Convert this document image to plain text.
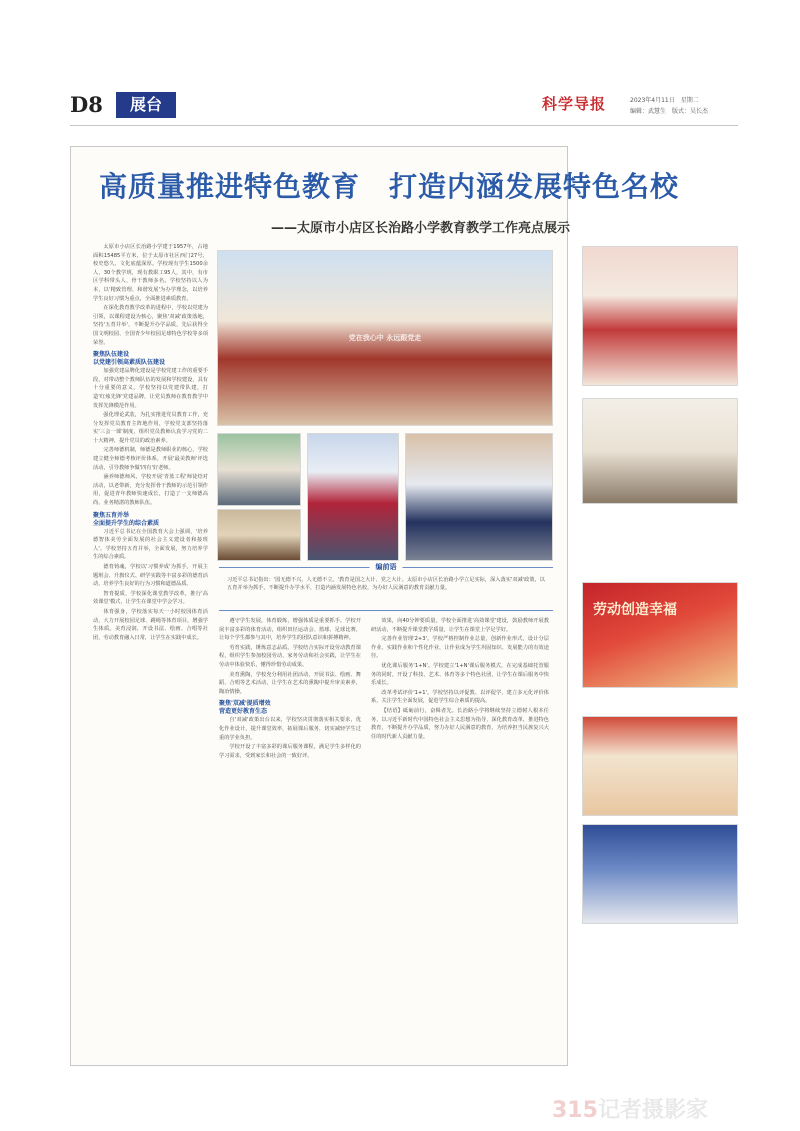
D8	展台	科学导报	2023年4月11日　星期二
编辑：武慧生　版式：吴长杰
高质量推进特色教育　打造内涵发展特色名校
——太原市小店区长治路小学教育教学工作亮点展示

太原市小店区长治路小学建于1957年，占地面积15485平方米，位于太原市社区西门27号，校史悠久，文化底蕴深厚。学校现有学生1500余人，30个教学班，现有教职工95人，其中，有市区学科带头人、骨干教师多名。学校坚持以人为本，以'精致管理、和谐发展'为办学理念，以培养学生良好习惯为重点，全面推进素质教育。

在深化教育教学改革的进程中，学校以党建为引领，以课程建设为核心，聚焦'双减'政策落地，坚持'五育并举'，不断提升办学品质，先后获得全国文明校园、全国青少年校园足球特色学校等多项荣誉。

聚焦队伍建设
以党建引领高素质队伍建设

加强党建品牌化建设是学校党建工作的重要手段，对带动整个教师队伍的发展和学校建设，具有十分重要的意义。学校坚持以党建带队建，打造'红烛先锋'党建品牌，让党员教师在教育教学中发挥先锋模范作用。

强化理论武装，为扎实推进党员教育工作，充分发挥党员教育主阵地作用，学校党支部坚持落实'三会一课'制度，组织党员教师认真学习党的二十大精神，提升党员的政治素养。

完善师德机制，师德是教师职业的核心，学校建立健全师德考核评价体系，开展'最美教师'评选活动，引导教师争做'四有'好老师。

涵养师德师风，学校开展'青蓝工程'师徒结对活动，以老带新，充分发挥骨干教师的示范引领作用，促进青年教师快速成长，打造了一支师德高尚、业务精湛的教师队伍。

聚焦五育并举
全面提升学生的综合素质

习近平总书记在全国教育大会上强调，'培养德智体美劳全面发展的社会主义建设者和接班人'。学校坚持五育并举，全面发展，努力培养学生的综合素质。

德育铸魂，学校以'习惯养成'为抓手，开展主题班会、升旗仪式、研学实践等丰富多彩的德育活动，培养学生良好的行为习惯和道德品质。

智育提质，学校深化课堂教学改革，推行'高效课堂'模式，让学生在课堂中学会学习。

体育强身，学校落实每天一小时校园体育活动，大力开展校园足球、跳绳等体育项目，增强学生体质。美育浸润，开设书法、绘画、合唱等社团，劳动教育融入日常，让学生在实践中成长。

党在我心中 永远跟党走
编前语

习近平总书记指出：'国无德不兴，人无德不立。'教育是国之大计、党之大计。太原市小店区长治路小学立足实际，深入落实'双减'政策，以五育并举为抓手，不断提升办学水平，打造内涵发展特色名校，为办好人民满意的教育贡献力量。

遵守学生发展。体育锻炼，增强体质是重要抓手。学校开展丰富多彩的体育活动，组织田径运动会、篮球、足球比赛，让每个学生都参与其中，培养学生的团队意识和拼搏精神。

劳育实践，锤炼意志品质。学校结合实际开设劳动教育课程，组织学生参加校园劳动、家务劳动和社会实践，让学生在劳动中体验快乐，懂得珍惜劳动成果。

美育熏陶，学校充分利用社团活动，开展书法、绘画、舞蹈、合唱等艺术活动，让学生在艺术的熏陶中提升审美素养，陶冶情操。

聚焦'双减'提质增效
营造更好教育生态

自'双减'政策出台以来，学校坚决贯彻落实相关要求，优化作业设计，提升课堂效率，拓展课后服务，切实减轻学生过重的学业负担。

学校开设了丰富多彩的课后服务课程，满足学生多样化的学习需求，受到家长和社会的一致好评。

效果，向40分钟要质量。学校全面推进'高效课堂'建设，鼓励教师开展教研活动，不断提升课堂教学质量，让学生在课堂上学足学好。

完善作业管理'2+3'。学校严格控制作业总量，创新作业形式，设计分层作业、实践作业和个性化作业，让作业成为学生巩固知识、发展能力的有效途径。

优化课后服务'1+N'。学校建立'1+N'课后服务模式，在完成基础托管服务的同时，开设了科技、艺术、体育等多个特色社团，让学生在课后服务中快乐成长。

改革考试评价'1+1'。学校坚持以评促教、以评促学，建立多元化评价体系，关注学生全面发展，促进学生综合素质的提高。

【结语】砥砺前行，奋楫者先。长治路小学将继续坚持立德树人根本任务，以习近平新时代中国特色社会主义思想为指导，深化教育改革，推进特色教育，不断提升办学品质，努力办好人民满意的教育，为培养担当民族复兴大任的时代新人贡献力量。

劳动创造幸福
315记者摄影家
